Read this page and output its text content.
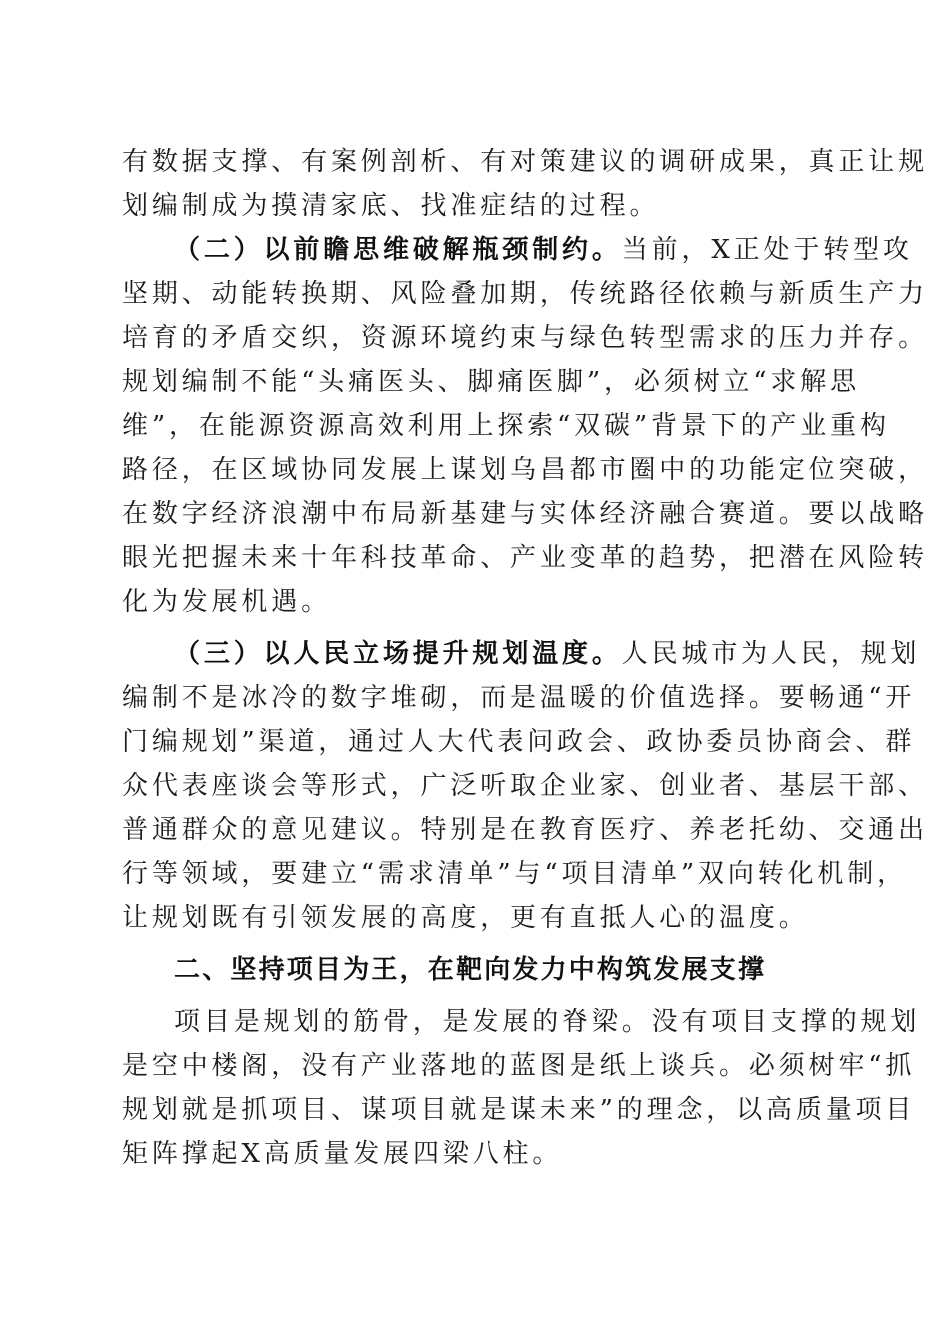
有数据支撑、有案例剖析、有对策建议的调研成果，真正让规
划编制成为摸清家底、找准症结的过程。
（二）以前瞻思维破解瓶颈制约。当前，X正处于转型攻
坚期、动能转换期、风险叠加期，传统路径依赖与新质生产力
培育的矛盾交织，资源环境约束与绿色转型需求的压力并存。
规划编制不能“头痛医头、脚痛医脚”，必须树立“求解思
维”，在能源资源高效利用上探索“双碳”背景下的产业重构
路径，在区域协同发展上谋划乌昌都市圈中的功能定位突破，
在数字经济浪潮中布局新基建与实体经济融合赛道。要以战略
眼光把握未来十年科技革命、产业变革的趋势，把潜在风险转
化为发展机遇。
（三）以人民立场提升规划温度。人民城市为人民，规划
编制不是冰冷的数字堆砌，而是温暖的价值选择。要畅通“开
门编规划”渠道，通过人大代表问政会、政协委员协商会、群
众代表座谈会等形式，广泛听取企业家、创业者、基层干部、
普通群众的意见建议。特别是在教育医疗、养老托幼、交通出
行等领域，要建立“需求清单”与“项目清单”双向转化机制，
让规划既有引领发展的高度，更有直抵人心的温度。
二、坚持项目为王，在靶向发力中构筑发展支撑
项目是规划的筋骨，是发展的脊梁。没有项目支撑的规划
是空中楼阁，没有产业落地的蓝图是纸上谈兵。必须树牢“抓
规划就是抓项目、谋项目就是谋未来”的理念，以高质量项目
矩阵撑起X高质量发展四梁八柱。
